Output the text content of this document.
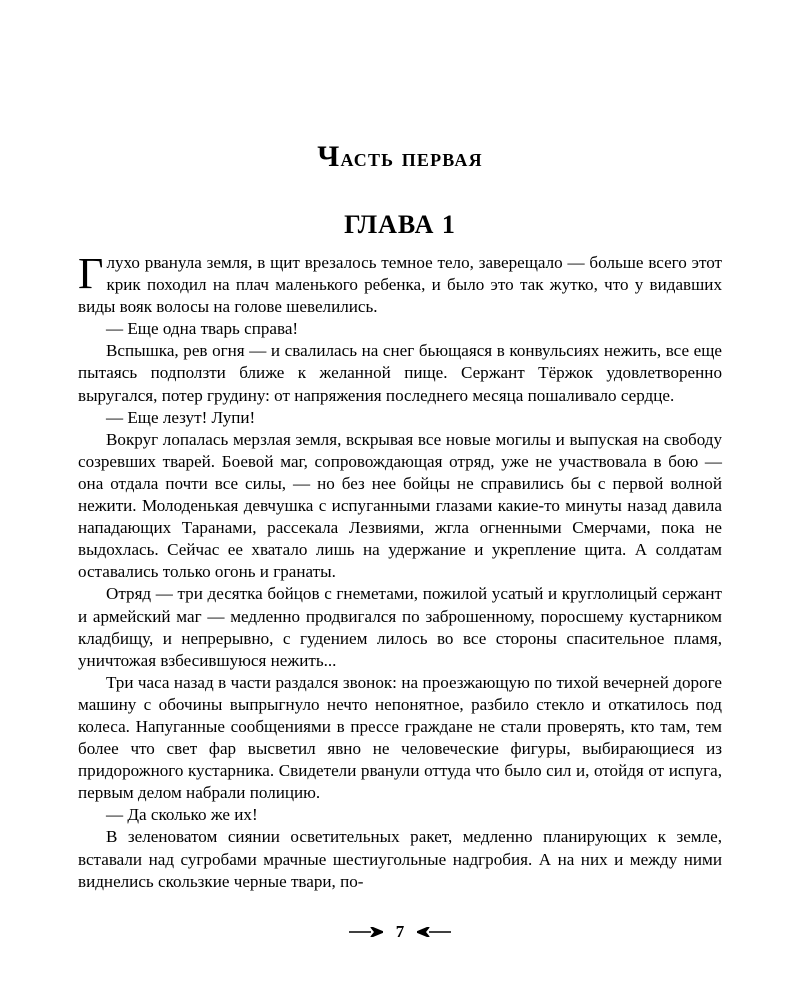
Часть первая
ГЛАВА 1

Глухо рванула земля, в щит врезалось темное тело, заверещало — больше всего этот крик походил на плач маленького ребенка, и было это так жутко, что у видавших виды вояк волосы на голове шевелились.

— Еще одна тварь справа!

Вспышка, рев огня — и свалилась на снег бьющаяся в конвульсиях нежить, все еще пытаясь подползти ближе к желанной пище. Сержант Тёржок удовлетворенно выругался, потер грудину: от напряжения последнего месяца пошаливало сердце.

— Еще лезут! Лупи!

Вокруг лопалась мерзлая земля, вскрывая все новые могилы и выпуская на свободу созревших тварей. Боевой маг, сопровождающая отряд, уже не участвовала в бою — она отдала почти все силы, — но без нее бойцы не справились бы с первой волной нежити. Молоденькая девчушка с испуганными глазами какие-то минуты назад давила нападающих Таранами, рассекала Лезвиями, жгла огненными Смерчами, пока не выдохлась. Сейчас ее хватало лишь на удержание и укрепление щита. А солдатам оставались только огонь и гранаты.

Отряд — три десятка бойцов с гнеметами, пожилой усатый и круглолицый сержант и армейский маг — медленно продвигался по заброшенному, поросшему кустарником кладбищу, и непрерывно, с гудением лилось во все стороны спасительное пламя, уничтожая взбесившуюся нежить...

Три часа назад в части раздался звонок: на проезжающую по тихой вечерней дороге машину с обочины выпрыгнуло нечто непонятное, разбило стекло и откатилось под колеса. Напуганные сообщениями в прессе граждане не стали проверять, кто там, тем более что свет фар высветил явно не человеческие фигуры, выбирающиеся из придорожного кустарника. Свидетели рванули оттуда что было сил и, отойдя от испуга, первым делом набрали полицию.

— Да сколько же их!

В зеленоватом сиянии осветительных ракет, медленно планирующих к земле, вставали над сугробами мрачные шестиугольные надгробия. А на них и между ними виднелись скользкие черные твари, по-

7
